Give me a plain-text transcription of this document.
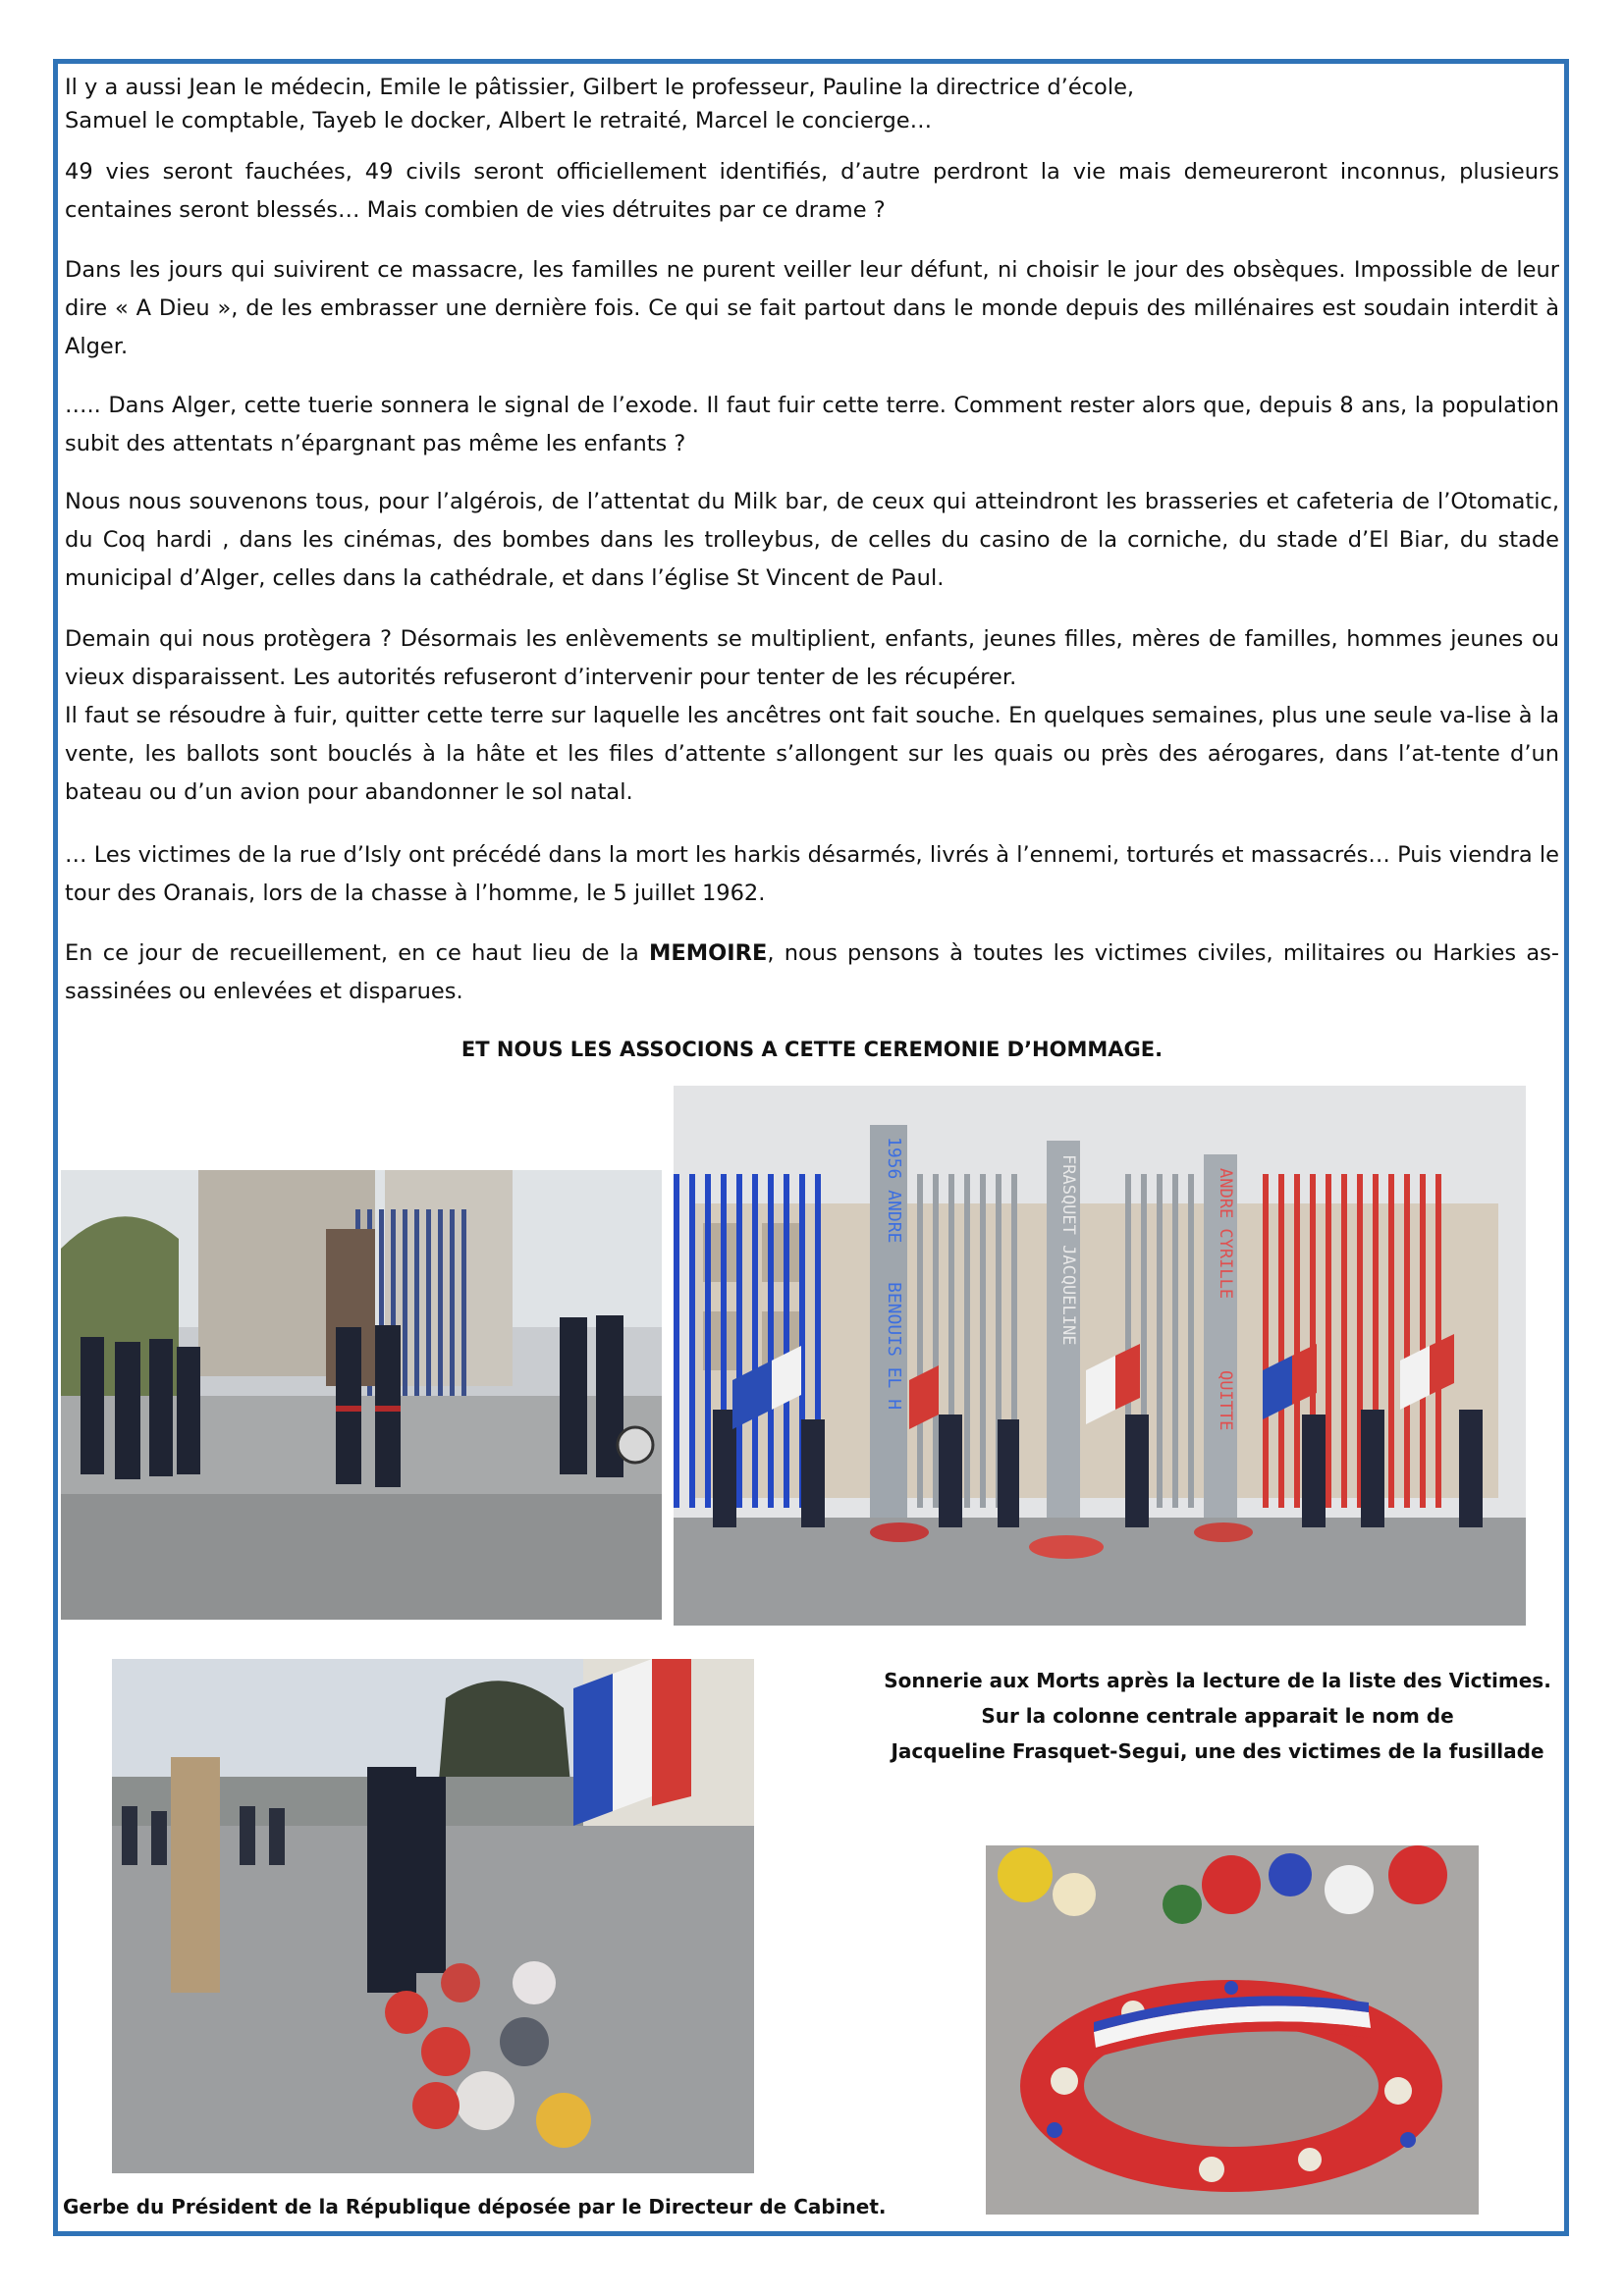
Il y a aussi Jean le médecin, Emile le pâtissier, Gilbert le professeur, Pauline la directrice d’école,

Samuel le comptable, Tayeb le docker, Albert le retraité, Marcel le concierge…

49 vies seront fauchées, 49 civils seront officiellement identifiés, d’autre perdront la vie mais demeureront inconnus, plusieurs centaines seront blessés… Mais combien de vies détruites par ce drame ?
Dans les jours qui suivirent ce massacre, les familles ne purent veiller leur défunt, ni choisir le jour des obsèques. Impossible de leur dire « A Dieu », de les embrasser une dernière fois. Ce qui se fait partout dans le monde depuis des millénaires est soudain interdit à Alger.
….. Dans Alger, cette tuerie sonnera le signal de l’exode. Il faut fuir cette terre. Comment rester alors que, depuis 8 ans, la population subit des attentats n’épargnant pas même les enfants ?
Nous nous souvenons tous, pour l’algérois, de l’attentat du Milk bar, de ceux qui atteindront les brasseries et cafeteria de l’Otomatic, du Coq hardi , dans les cinémas, des bombes dans les trolleybus, de celles du casino de la corniche, du stade d’El Biar, du stade municipal d’Alger, celles dans la cathédrale, et dans l’église St Vincent de Paul.
Demain qui nous protègera ? Désormais les enlèvements se multiplient, enfants, jeunes filles, mères de familles, hommes jeunes ou vieux disparaissent. Les autorités refuseront d’intervenir pour tenter de les récupérer.
Il faut se résoudre à fuir, quitter cette terre sur laquelle les ancêtres ont fait souche. En quelques semaines, plus une seule va-lise à la vente, les ballots sont bouclés à la hâte et les files d’attente s’allongent sur les quais ou près des aérogares, dans l’at-tente d’un bateau ou d’un avion pour abandonner le sol natal.
… Les victimes de la rue d’Isly ont précédé dans la mort les harkis désarmés, livrés à l’ennemi, torturés et massacrés… Puis viendra le tour des Oranais, lors de la chasse à l’homme, le 5 juillet 1962.
En ce jour de recueillement, en ce haut lieu de la MEMOIRE, nous pensons à toutes les victimes civiles, militaires ou Harkies as-sassinées ou enlevées et disparues.
ET NOUS LES ASSOCIONS A CETTE CEREMONIE D’HOMMAGE.
1956 ANDRE
BENOUIS EL H
FRASQUET JACQUELINE	ANDRE CYRILLE
QUITTE
Sonnerie aux Morts après la lecture de la liste des Victimes.
Sur la colonne centrale apparait le nom de
Jacqueline Frasquet-Segui, une des victimes de la fusillade
Gerbe du Président de la République déposée par le Directeur de Cabinet.
